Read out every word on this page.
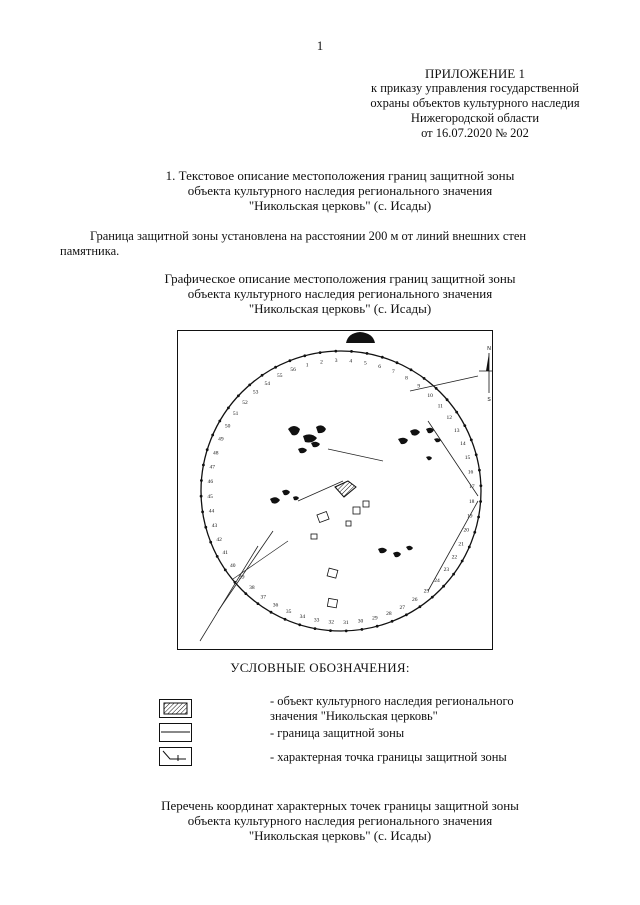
1
ПРИЛОЖЕНИЕ 1
к приказу управления государственной
охраны объектов культурного наследия
Нижегородской области
от 16.07.2020 № 202
1. Текстовое описание местоположения границ защитной зоны
объекта культурного наследия регионального значения
"Никольская церковь" (с. Исады)
Граница защитной зоны установлена на расстоянии 200 м от линий внешних стен
памятника.
Графическое описание местоположения границ защитной зоны
объекта культурного наследия регионального значения
"Никольская церковь" (с. Исады)
1 2 3 4 5
6
7
8
9
10
11
12
13
14
15
16
17
18
19
20
21
22
23
24
25
26
27
28
29
30
31
32
33
34
35
36
37
38
39
40
41
42
43
44
45
46
47
48
49
50
51
52
53
54
55
56
S
N
УСЛОВНЫЕ ОБОЗНАЧЕНИЯ:
- объект культурного наследия регионального
значения "Никольская церковь"
- граница защитной зоны
- характерная точка границы защитной зоны
Перечень координат характерных точек границы защитной зоны
объекта культурного наследия регионального значения
"Никольская церковь" (с. Исады)
